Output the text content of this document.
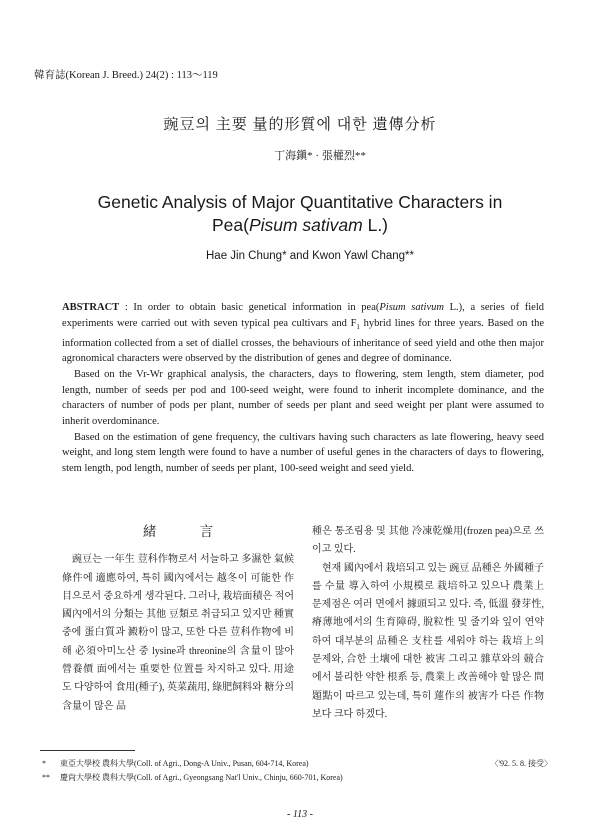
韓育誌(Korean J. Breed.) 24(2) : 113〜119
豌豆의 主要 量的形質에 대한 遺傳分析
丁海鎭* · 張權烈**
Genetic Analysis of Major Quantitative Characters in
Pea(Pisum sativam L.)
Hae Jin Chung* and Kwon Yawl Chang**

ABSTRACT : In order to obtain basic genetical information in pea(Pisum sativum L.), a series of field experiments were carried out with seven typical pea cultivars and $F_1$ hybrid lines for three years. Based on the information collected from a set of diallel crosses, the behaviours of inheritance of seed yield and othe then major agronomical characters were observed by the distribution of genes and degree of dominance.

Based on the Vr-Wr graphical analysis, the characters, days to flowering, stem length, stem diameter, pod length, number of seeds per pod and 100-seed weight, were found to inherit incomplete dominance, and the characters of number of pods per plant, number of seeds per plant and seed weight per plant were assumed to inherit overdominance.

Based on the estimation of gene frequency, the cultivars having such characters as late flowering, heavy seed weight, and long stem length were found to have a number of useful genes in the characters of days to flowering, stem length, pod length, number of seeds per plant, 100-seed weight and seed yield.

緒 言

豌豆는 一年生 荳科作物로서 서늘하고 多濕한 氣候條件에 適應하여, 특히 國內에서는 越冬이 可能한 作目으로서 중요하게 생각된다. 그러나, 栽培面積은 적어 國內에서의 分類는 其他 豆類로 취급되고 있지만 種實 중에 蛋白質과 澱粉이 많고, 또한 다른 荳科作物에 비해 必須아미노산 중 lysine과 threonine의 含量이 많아 營養價 面에서는 重要한 位置를 차지하고 있다. 用途도 다양하여 食用(種子), 英菜蔬用, 綠肥飼料와 糖分의 含量이 많은 品

種은 통조림용 및 其他 冷凍乾燥用(frozen pea)으로 쓰이고 있다.

현재 國內에서 栽培되고 있는 豌豆 品種은 外國種子를 수量 導入하여 小規模로 栽培하고 있으나 農業上 문제점은 여러 면에서 據頭되고 있다. 즉, 低溫 發芽性, 瘠薄地에서의 生育障碍, 脫粒性 및 줄기와 잎이 연약하여 대부분의 品種은 支柱를 세워야 하는 栽培上의 문제와, 合한 土壤에 대한 被害 그리고 雜草와의 競合에서 불리한 약한 根系 등, 農業上 改善해야 할 많은 問題點이 따르고 있는데, 특히 蓮作의 被害가 다른 作物보다 크다 하겠다.

* 東亞大學校 農科大學(Coll. of Agri., Dong-A Univ., Pusan, 604-714, Korea)	〈'92. 5. 8. 接受〉
** 慶尙大學校 農科大學(Coll. of Agri., Gyeongsang Nat'l Univ., Chinju, 660-701, Korea)
- 113 -
